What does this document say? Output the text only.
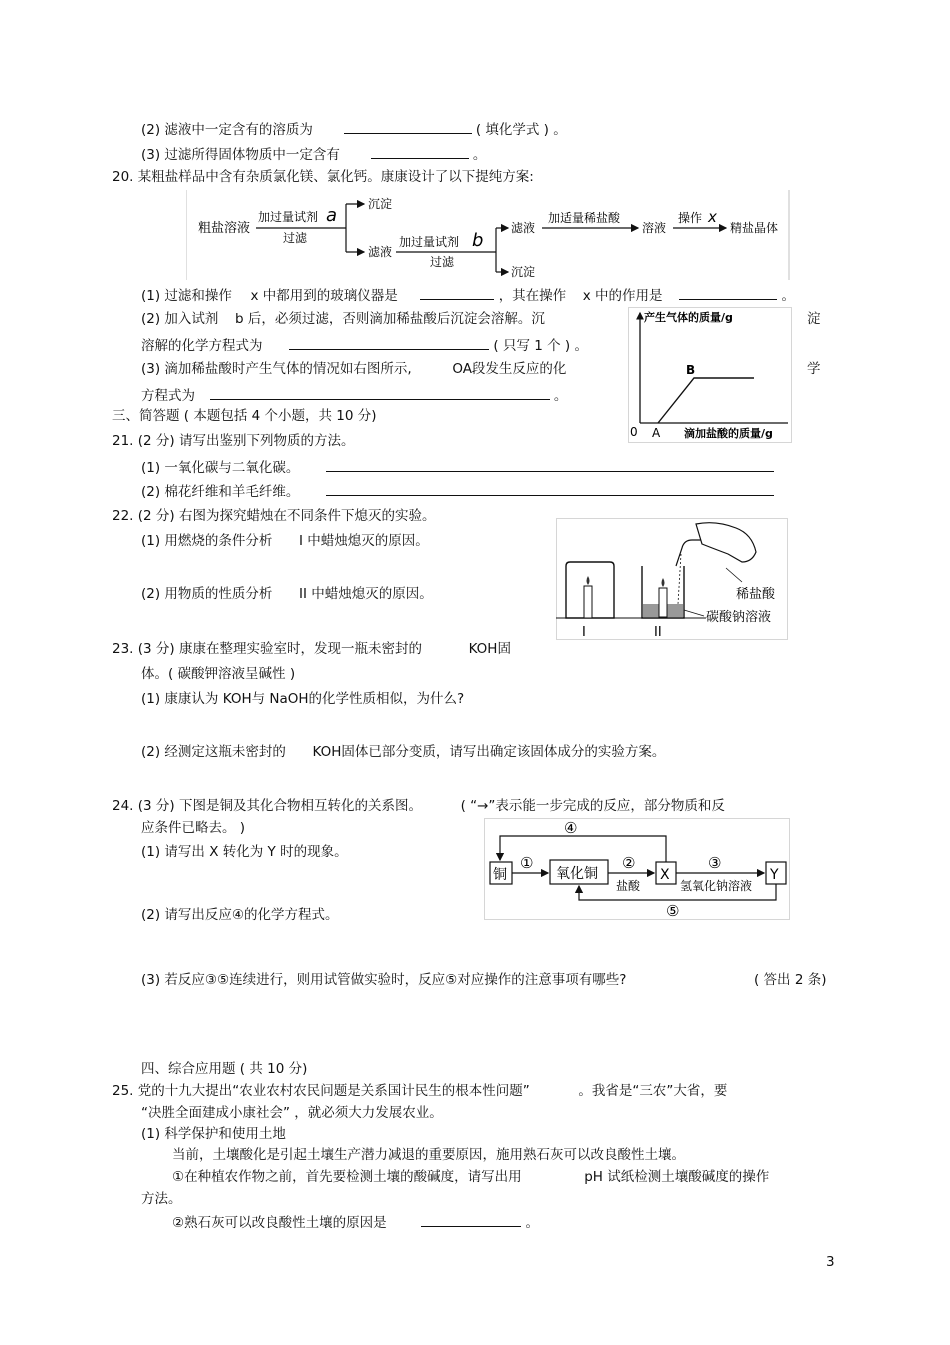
(2) 滤液中一定含有的溶质为	( 填化学式 ) 。
(3) 过滤所得固体物质中一定含有	。
20. 某粗盐样品中含有杂质氯化镁、氯化钙。康康设计了以下提纯方案:
粗盐溶液
加过量试剂 a
过滤
沉淀
滤液
加过量试剂 b
过滤
滤液
沉淀
加适量稀盐酸
溶液
操作 x
精盐晶体
(1) 过滤和操作 x 中都用到的玻璃仪器是	，其在操作 x 中的作用是	。
(2) 加入试剂 b 后，必须过滤，否则滴加稀盐酸后沉淀会溶解。沉	淀
溶解的化学方程式为	( 只写 1 个 ) 。
(3) 滴加稀盐酸时产生气体的情况如右图所示,	OA段发生反应的化	学
方程式为	。
产生气体的质量/g
0 A 滴加盐酸的质量/g
B
三、简答题 ( 本题包括 4 个小题，共 10 分)
21. (2 分) 请写出鉴别下列物质的方法。
(1) 一氧化碳与二氧化碳。
(2) 棉花纤维和羊毛纤维。
22. (2 分) 右图为探究蜡烛在不同条件下熄灭的实验。
(1) 用燃烧的条件分析 I 中蜡烛熄灭的原因。
(2) 用物质的性质分析 II 中蜡烛熄灭的原因。
I	II
稀盐酸
碳酸钠溶液
23. (3 分) 康康在整理实验室时，发现一瓶未密封的	KOH固
体。( 碳酸钾溶液呈碱性 )
(1) 康康认为 KOH与 NaOH的化学性质相似，为什么?
(2) 经测定这瓶未密封的 KOH固体已部分变质，请写出确定该固体成分的实验方案。
24. (3 分) 下图是铜及其化合物相互转化的关系图。	( “→”表示能一步完成的反应，部分物质和反
应条件已略去。 )
(1) 请写出 X 转化为 Y 时的现象。
(2) 请写出反应④的化学方程式。
(3) 若反应③⑤连续进行，则用试管做实验时，反应⑤对应操作的注意事项有哪些?	( 答出 2 条)
铜	氧化铜	X	Y
①	②
盐酸
③
氢氧化钠溶液
④
⑤
四、综合应用题 ( 共 10 分)
25. 党的十九大提出“农业农村农民问题是关系国计民生的根本性问题”	。我省是“三农”大省，要
“决胜全面建成小康社会” ，就必须大力发展农业。
(1) 科学保护和使用土地
当前，土壤酸化是引起土壤生产潜力减退的重要原因，施用熟石灰可以改良酸性土壤。
①在种植农作物之前，首先要检测土壤的酸碱度，请写出用	pH 试纸检测土壤酸碱度的操作
方法。
②熟石灰可以改良酸性土壤的原因是	。
3
